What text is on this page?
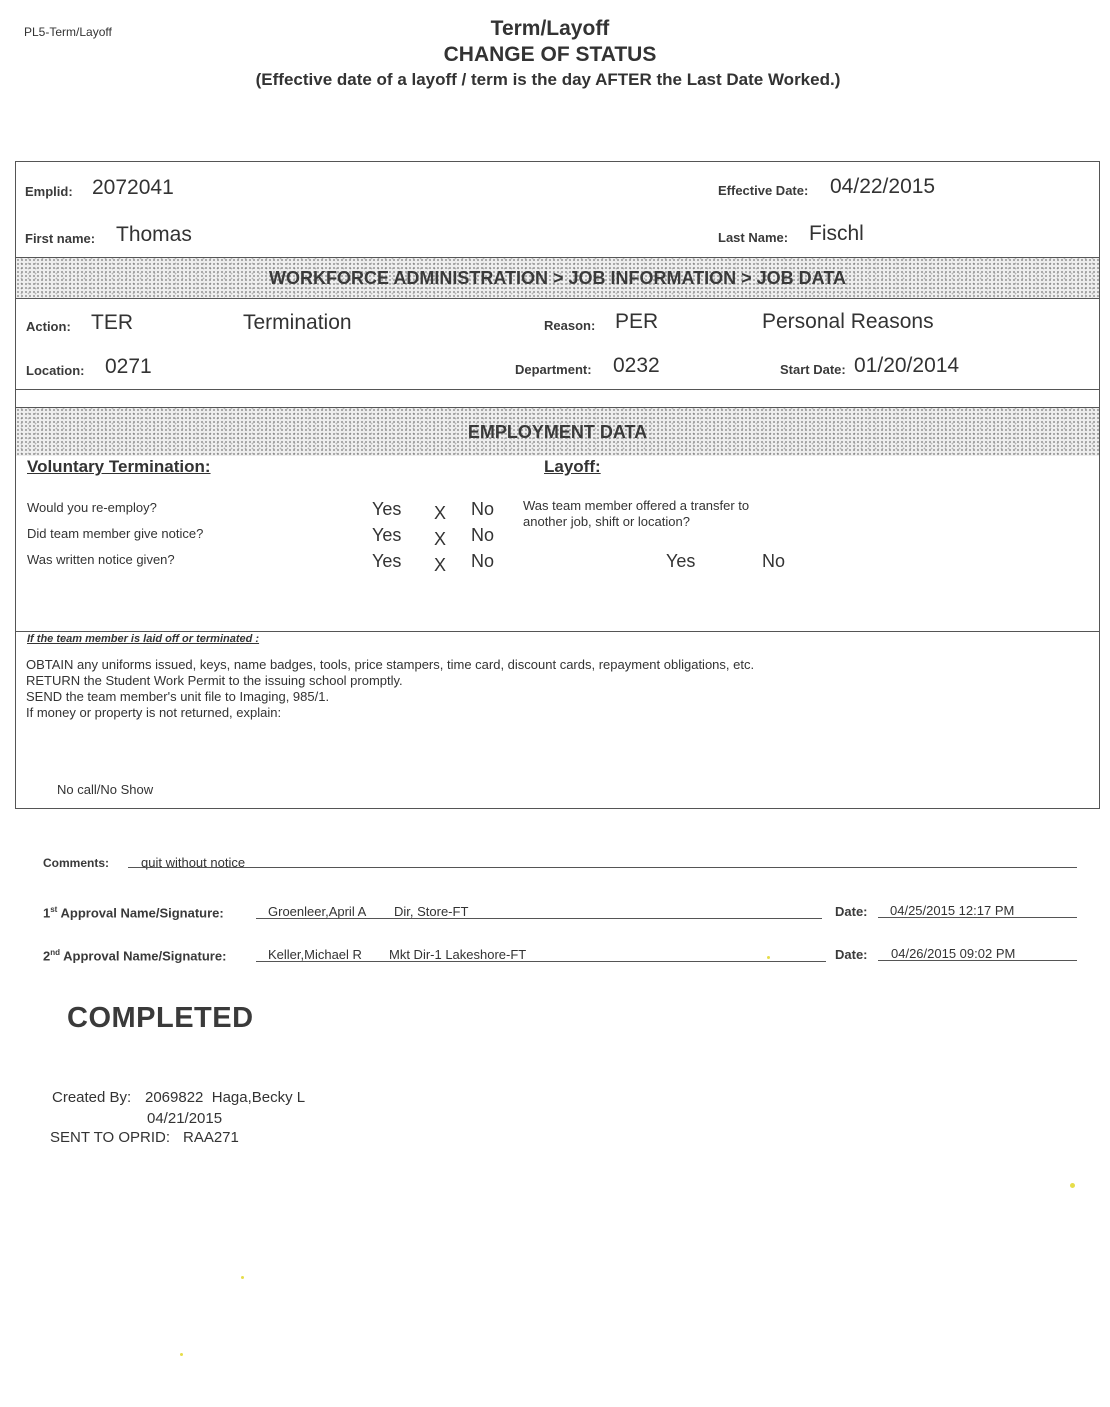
PL5-Term/Layoff	Term/Layoff
CHANGE OF STATUS
(Effective date of a layoff / term is the day AFTER the Last Date Worked.)
Emplid: 2072041	Effective Date: 04/22/2015
First name: Thomas	Last Name: Fischl
WORKFORCE ADMINISTRATION > JOB INFORMATION > JOB DATA
Action: TER	Termination	Reason: PER	Personal Reasons
Location: 0271	Department: 0232	Start Date: 01/20/2014
EMPLOYMENT DATA
Voluntary Termination:	Layoff:
Would you re-employ?	Yes X No
Did team member give notice?	Yes X No
Was written notice given?	Yes X No
Was team member offered a transfer to
another job, shift or location?
Yes	No
If the team member is laid off or terminated :
OBTAIN any uniforms issued, keys, name badges, tools, price stampers, time card, discount cards, repayment obligations, etc.
RETURN the Student Work Permit to the issuing school promptly.
SEND the team member's unit file to Imaging, 985/1.
If money or property is not returned, explain:
No call/No Show
Comments: quit without notice
1st Approval Name/Signature:	Groenleer,April A Dir, Store-FT	Date: 04/25/2015 12:17 PM
2nd Approval Name/Signature:	Keller,Michael R Mkt Dir-1 Lakeshore-FT	Date: 04/26/2015 09:02 PM
COMPLETED
Created By: 2069822  Haga,Becky L
04/21/2015
SENT TO OPRID: RAA271
